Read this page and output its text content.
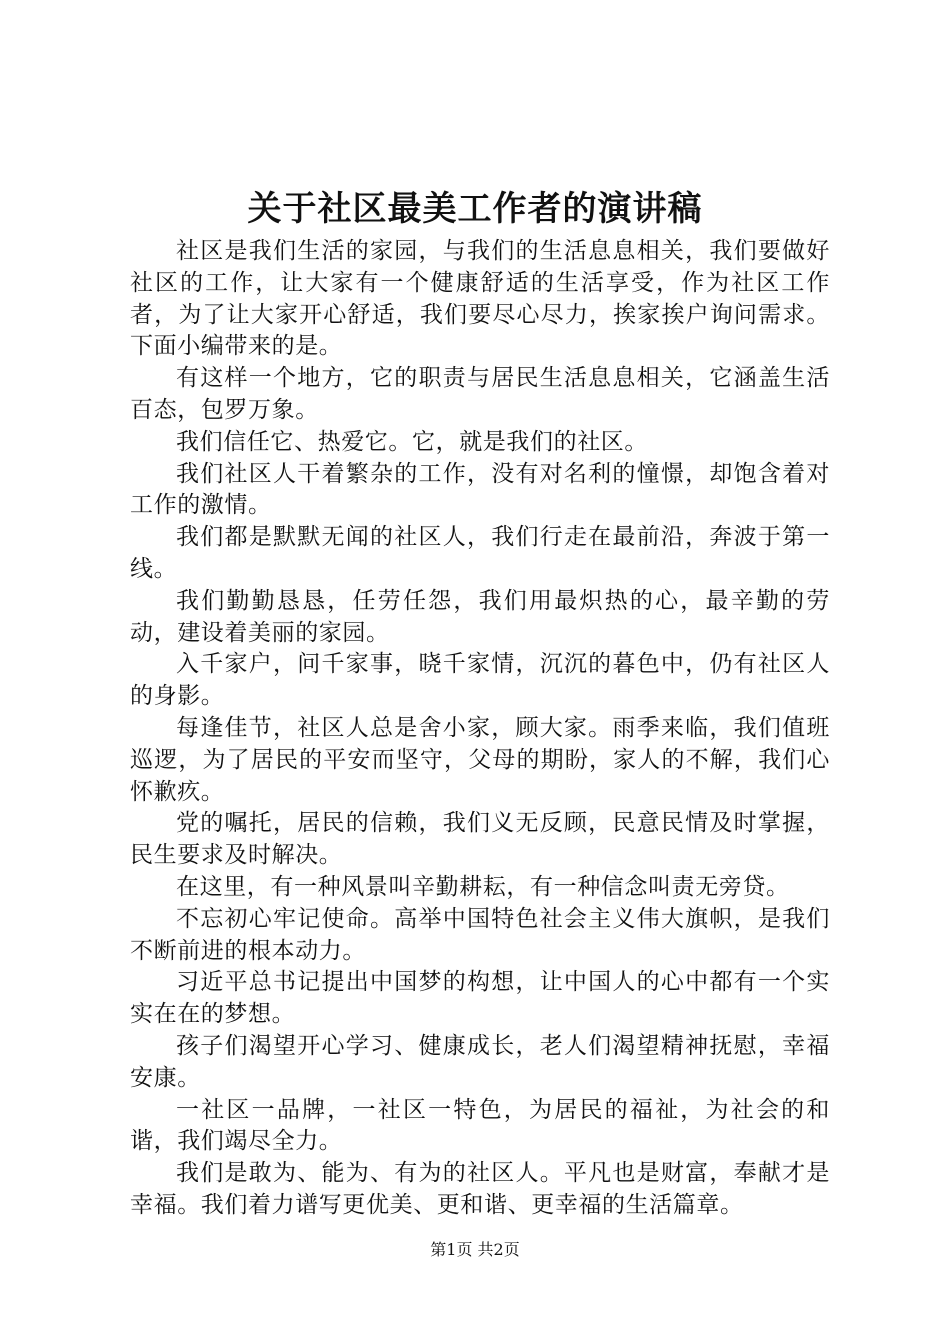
关于社区最美工作者的演讲稿

社区是我们生活的家园，与我们的生活息息相关，我们要做好社区的工作，让大家有一个健康舒适的生活享受，作为社区工作者，为了让大家开心舒适，我们要尽心尽力，挨家挨户询问需求。下面小编带来的是。

有这样一个地方，它的职责与居民生活息息相关，它涵盖生活百态，包罗万象。

我们信任它、热爱它。它，就是我们的社区。

我们社区人干着繁杂的工作，没有对名利的憧憬，却饱含着对工作的激情。

我们都是默默无闻的社区人，我们行走在最前沿，奔波于第一线。

我们勤勤恳恳，任劳任怨，我们用最炽热的心，最辛勤的劳动，建设着美丽的家园。

入千家户，问千家事，晓千家情，沉沉的暮色中，仍有社区人的身影。

每逢佳节，社区人总是舍小家，顾大家。雨季来临，我们值班巡逻，为了居民的平安而坚守，父母的期盼，家人的不解，我们心怀歉疚。

党的嘱托，居民的信赖，我们义无反顾，民意民情及时掌握，民生要求及时解决。

在这里，有一种风景叫辛勤耕耘，有一种信念叫责无旁贷。

不忘初心牢记使命。高举中国特色社会主义伟大旗帜，是我们不断前进的根本动力。

习近平总书记提出中国梦的构想，让中国人的心中都有一个实实在在的梦想。

孩子们渴望开心学习、健康成长，老人们渴望精神抚慰，幸福安康。

一社区一品牌，一社区一特色，为居民的福祉，为社会的和谐，我们竭尽全力。

我们是敢为、能为、有为的社区人。平凡也是财富，奉献才是幸福。我们着力谱写更优美、更和谐、更幸福的生活篇章。

第1页 共2页
